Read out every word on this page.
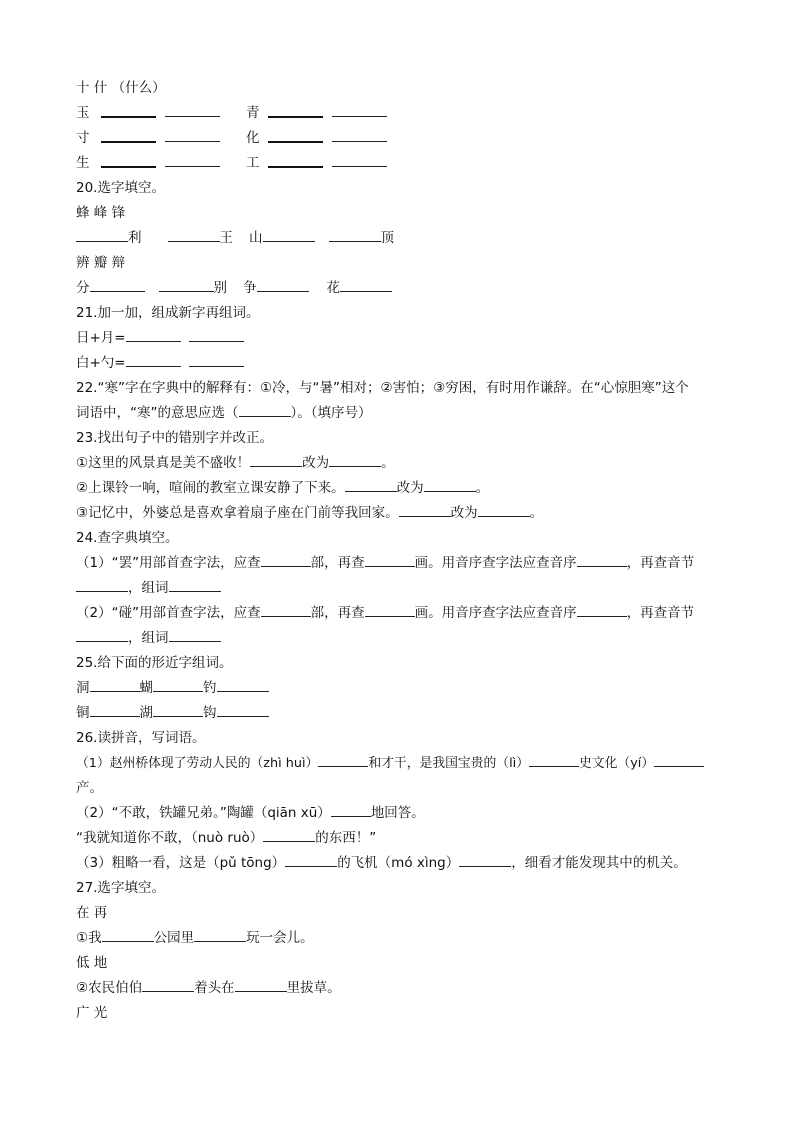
十 什 （什么）
玉	青
寸	化
生	工
20.选字填空。
蜂 峰 锋
利	王 山	顶
辨 瓣 辩
分	别 争	花
21.加一加，组成新字再组词。
日+月=
白+勺=
22.“寒”字在字典中的解释有：①冷，与“暑”相对；②害怕；③穷困，有时用作谦辞。在“心惊胆寒”这个
词语中，“寒”的意思应选（	）。（填序号）
23.找出句子中的错别字并改正。
①这里的风景真是美不盛收！	改为	。
②上课铃一响，喧闹的教室立课安静了下来。	改为	。
③记忆中，外婆总是喜欢拿着扇子座在门前等我回家。	改为	。
24.查字典填空。
（1）“罢”用部首查字法，应查	部，再查	画。用音序查字法应查音序	，再查音节
，组词
（2）“碰”用部首查字法，应查	部，再查	画。用音序查字法应查音序	，再查音节
，组词
25.给下面的形近字组词。
洞	蝴	钓
铜	湖	钩
26.读拼音，写词语。
（1）赵州桥体现了劳动人民的（zhì huì）	和才干，是我国宝贵的（lì）	史文化（yí）
产。
（2）“不敢，铁罐兄弟。”陶罐（qiān xū）	地回答。
“我就知道你不敢，（nuò ruò）	的东西！”
（3）粗略一看，这是（pǔ tōng）	的飞机（mó xìng）	，细看才能发现其中的机关。
27.选字填空。
在 再
①我	公园里	玩一会儿。
低 地
②农民伯伯	着头在	里拔草。
广 光
